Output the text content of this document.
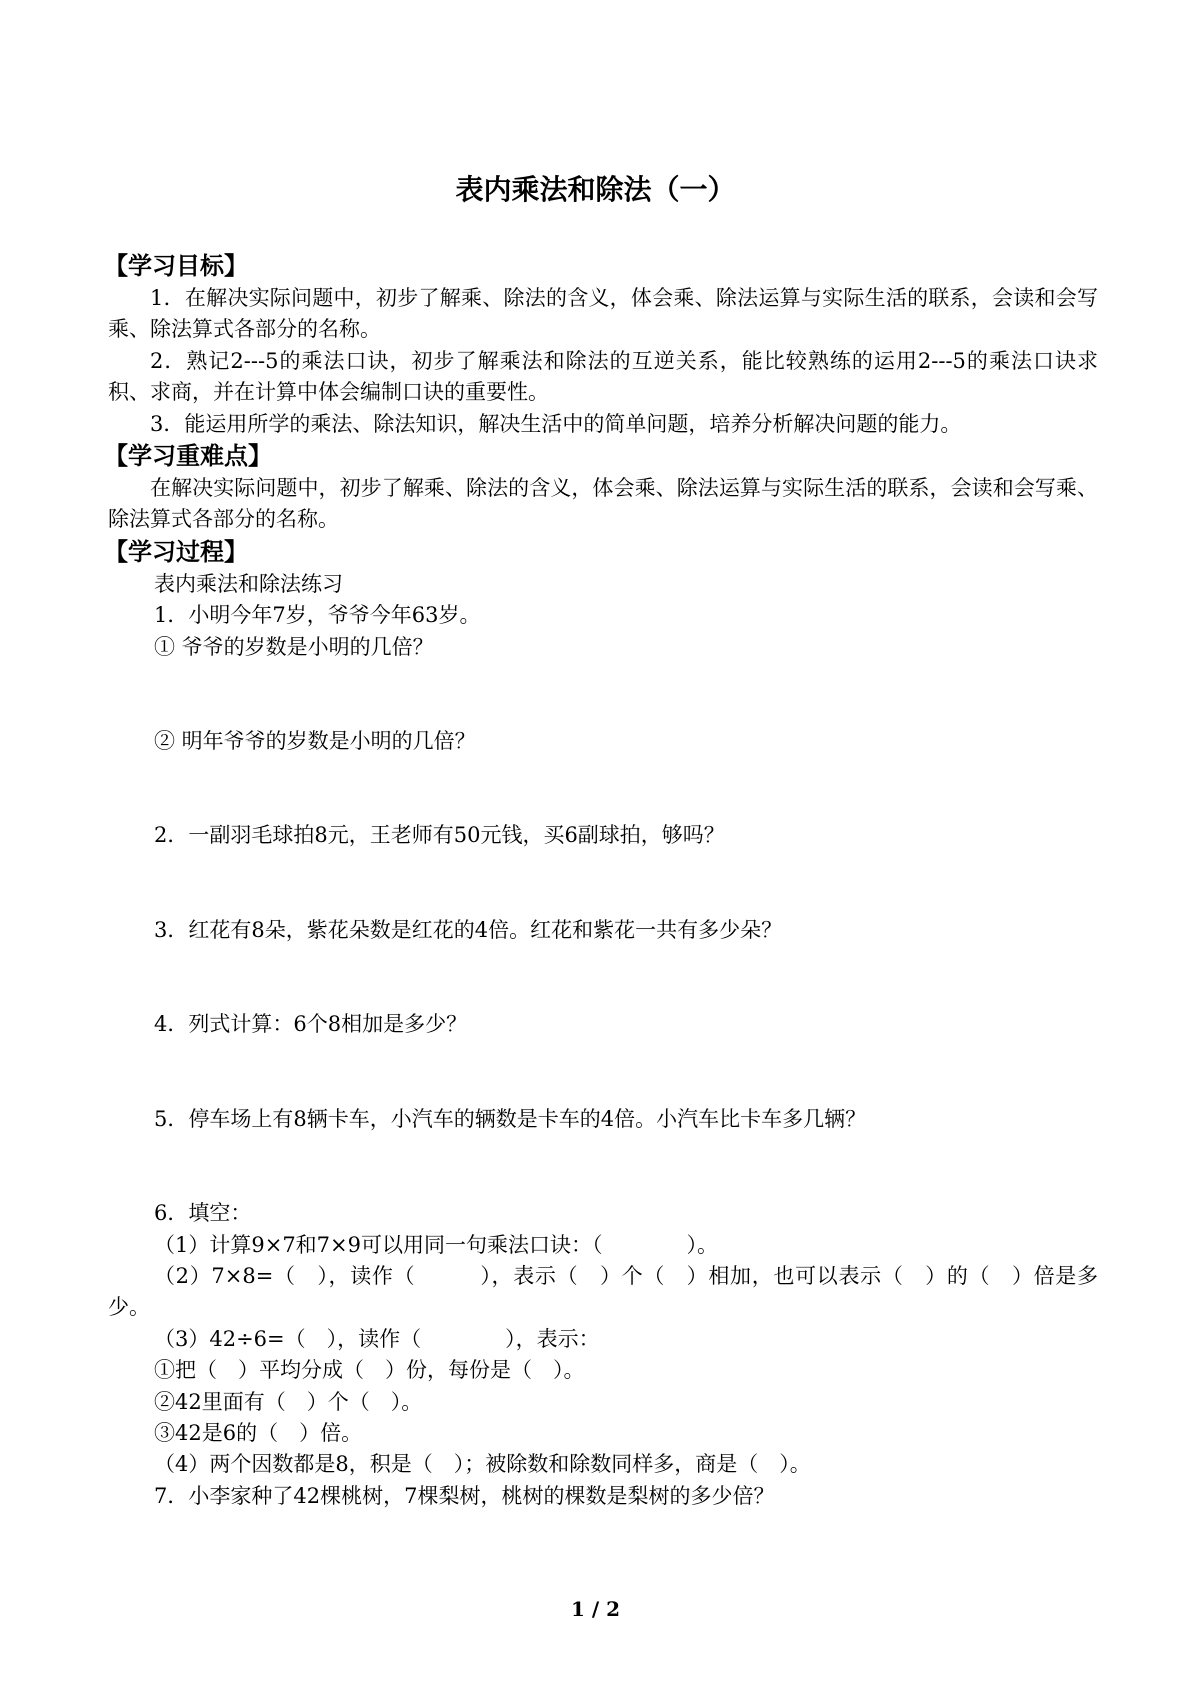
表内乘法和除法（一）
【学习目标】
1．在解决实际问题中，初步了解乘、除法的含义，体会乘、除法运算与实际生活的联系，会读和会写乘、除法算式各部分的名称。
2．熟记2---5的乘法口诀，初步了解乘法和除法的互逆关系，能比较熟练的运用2---5的乘法口诀求积、求商，并在计算中体会编制口诀的重要性。
3．能运用所学的乘法、除法知识，解决生活中的简单问题，培养分析解决问题的能力。
【学习重难点】
在解决实际问题中，初步了解乘、除法的含义，体会乘、除法运算与实际生活的联系，会读和会写乘、除法算式各部分的名称。
【学习过程】
表内乘法和除法练习
1．小明今年7岁，爷爷今年63岁。
① 爷爷的岁数是小明的几倍？
② 明年爷爷的岁数是小明的几倍？
2．一副羽毛球拍8元，王老师有50元钱，买6副球拍，够吗？
3．红花有8朵，紫花朵数是红花的4倍。红花和紫花一共有多少朵？
4．列式计算：6个8相加是多少？
5．停车场上有8辆卡车，小汽车的辆数是卡车的4倍。小汽车比卡车多几辆？
6．填空：
（1）计算9×7和7×9可以用同一句乘法口诀：（　　　　）。
（2）7×8=（　），读作（　　　），表示（　）个（　）相加，也可以表示（　）的（　）倍是多少。
（3）42÷6=（　），读作（　　　　），表示：
①把（　）平均分成（　）份，每份是（　）。
②42里面有（　）个（　）。
③42是6的（　）倍。
（4）两个因数都是8，积是（　）；被除数和除数同样多，商是（　）。
7．小李家种了42棵桃树，7棵梨树，桃树的棵数是梨树的多少倍？
1 / 2
